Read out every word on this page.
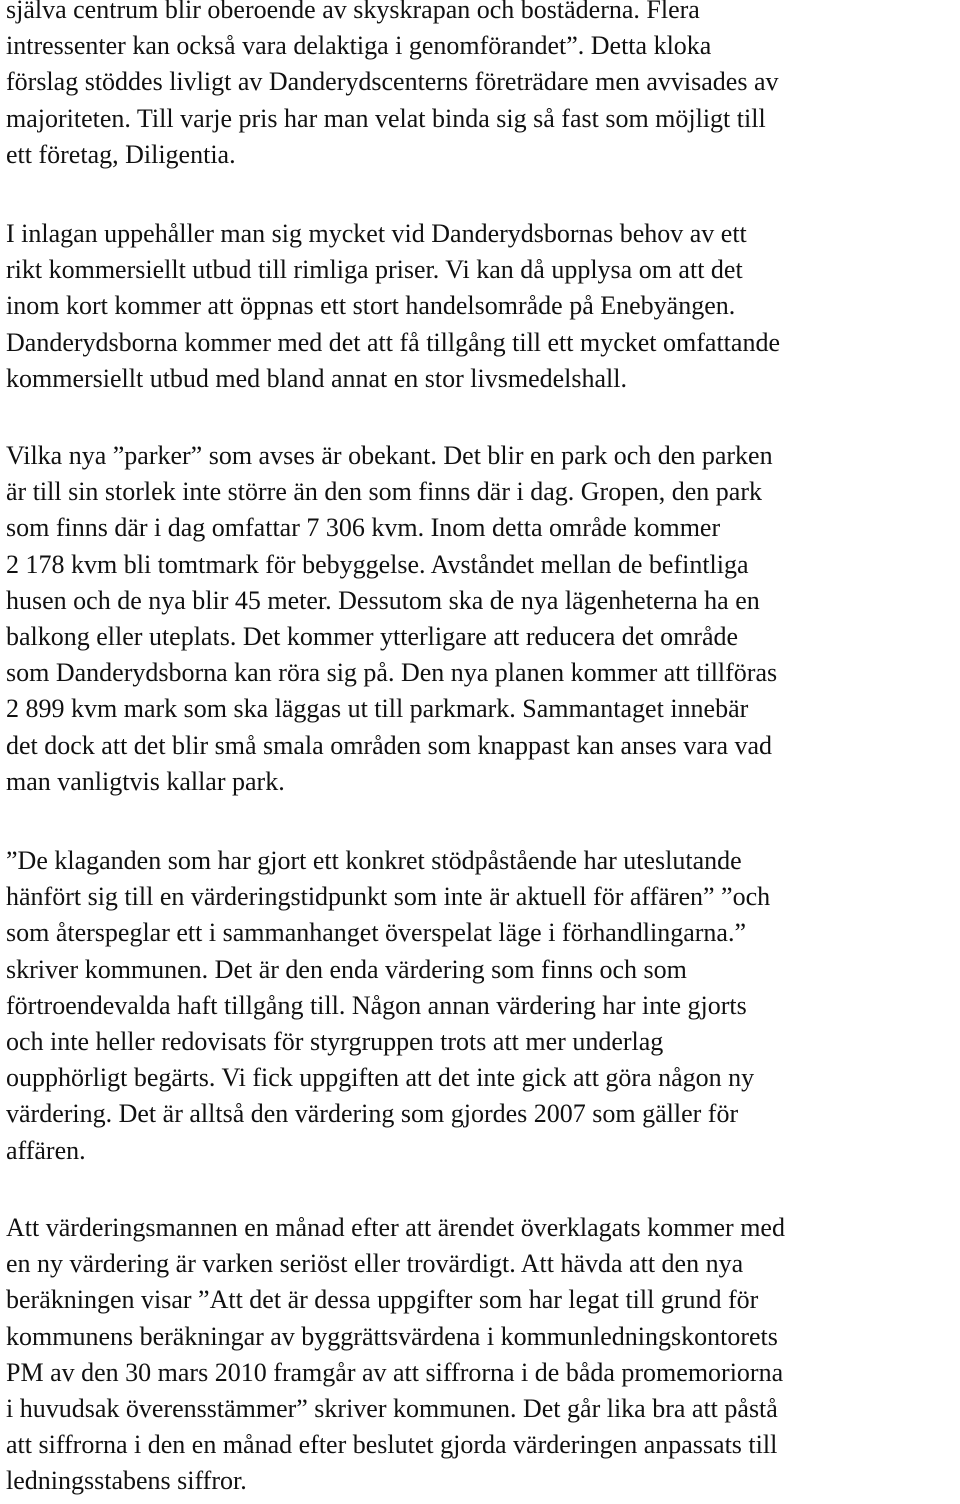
själva centrum blir oberoende av skyskrapan och bostäderna. Flera
intressenter kan också vara delaktiga i genomförandet”. Detta kloka
förslag stöddes livligt av Danderydscenterns företrädare men avvisades av
majoriteten. Till varje pris har man velat binda sig så fast som möjligt till
ett företag, Diligentia.

I inlagan uppehåller man sig mycket vid Danderydsbornas behov av ett
rikt kommersiellt utbud till rimliga priser. Vi kan då upplysa om att det
inom kort kommer att öppnas ett stort handelsområde på Enebyängen.
Danderydsborna kommer med det att få tillgång till ett mycket omfattande
kommersiellt utbud med bland annat en stor livsmedelshall.

Vilka nya ”parker” som avses är obekant. Det blir en park och den parken
är till sin storlek inte större än den som finns där i dag. Gropen, den park
som finns där i dag omfattar 7 306 kvm. Inom detta område kommer
2 178 kvm bli tomtmark för bebyggelse. Avståndet mellan de befintliga
husen och de nya blir 45 meter. Dessutom ska de nya lägenheterna ha en
balkong eller uteplats. Det kommer ytterligare att reducera det område
som Danderydsborna kan röra sig på. Den nya planen kommer att tillföras
2 899 kvm mark som ska läggas ut till parkmark. Sammantaget innebär
det dock att det blir små smala områden som knappast kan anses vara vad
man vanligtvis kallar park.

”De klaganden som har gjort ett konkret stödpåstående har uteslutande
hänfört sig till en värderingstidpunkt som inte är aktuell för affären” ”och
som återspeglar ett i sammanhanget överspelat läge i förhandlingarna.”
skriver kommunen. Det är den enda värdering som finns och som
förtroendevalda haft tillgång till. Någon annan värdering har inte gjorts
och inte heller redovisats för styrgruppen trots att mer underlag
oupphörligt begärts. Vi fick uppgiften att det inte gick att göra någon ny
värdering. Det är alltså den värdering som gjordes 2007 som gäller för
affären.

Att värderingsmannen en månad efter att ärendet överklagats kommer med
en ny värdering är varken seriöst eller trovärdigt. Att hävda att den nya
beräkningen visar ”Att det är dessa uppgifter som har legat till grund för
kommunens beräkningar av byggrättsvärdena i kommunledningskontorets
PM av den 30 mars 2010 framgår av att siffrorna i de båda promemoriorna
i huvudsak överensstämmer” skriver kommunen. Det går lika bra att påstå
att siffrorna i den en månad efter beslutet gjorda värderingen anpassats till
ledningsstabens siffror.
